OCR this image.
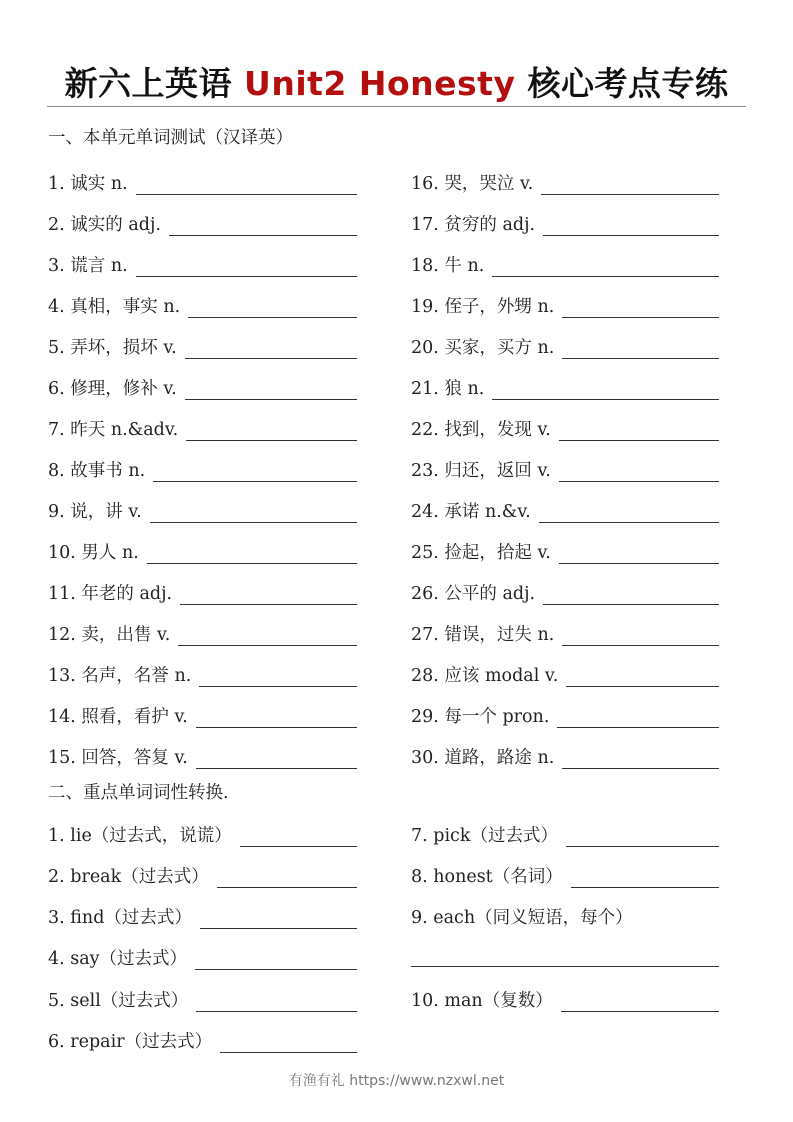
新六上英语 Unit2 Honesty 核心考点专练
一、本单元单词测试（汉译英）
1. 诚实 n.
2. 诚实的 adj.
3. 谎言 n.
4. 真相，事实 n.
5. 弄坏，损坏 v.
6. 修理，修补 v.
7. 昨天 n.&adv.
8. 故事书 n.
9. 说，讲 v.
10. 男人 n.
11. 年老的 adj.
12. 卖，出售 v.
13. 名声，名誉 n.
14. 照看，看护 v.
15. 回答，答复 v.
16. 哭，哭泣 v.
17. 贫穷的 adj.
18. 牛 n.
19. 侄子，外甥 n.
20. 买家，买方 n.
21. 狼 n.
22. 找到，发现 v.
23. 归还，返回 v.
24. 承诺 n.&v.
25. 捡起，拾起 v.
26. 公平的 adj.
27. 错误，过失 n.
28. 应该 modal v.
29. 每一个 pron.
30. 道路，路途 n.
二、重点单词词性转换.
1. lie（过去式，说谎）
2. break（过去式）
3. find（过去式）
4. say（过去式）
5. sell（过去式）
6. repair（过去式）
7. pick（过去式）
8. honest（名词）
9. each（同义短语，每个）
10. man（复数）
有渔有礼 https://www.nzxwl.net
